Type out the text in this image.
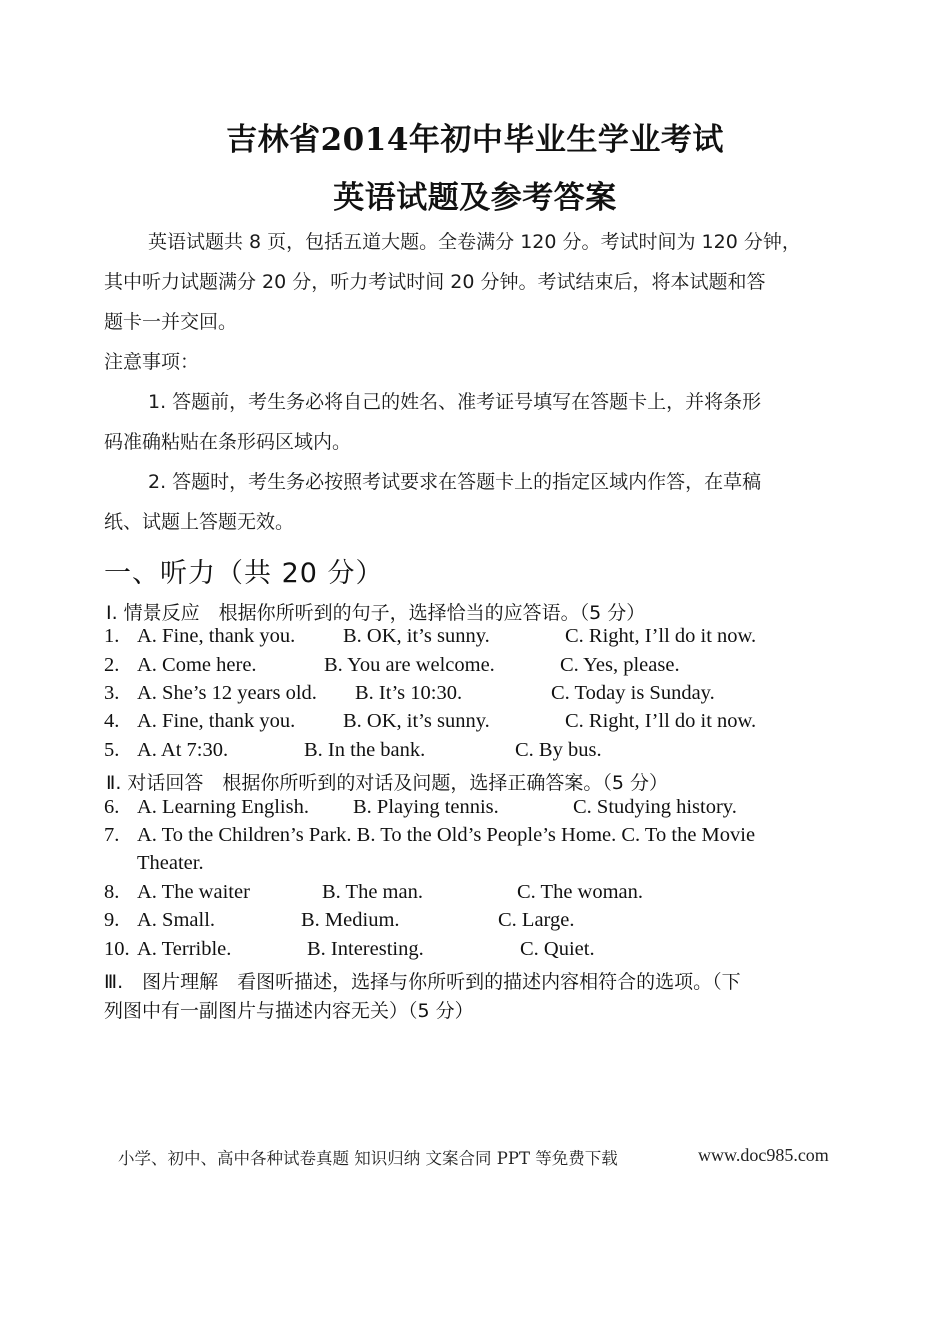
吉林省2014年初中毕业生学业考试
英语试题及参考答案
英语试题共 8 页，包括五道大题。全卷满分 120 分。考试时间为 120 分钟，
其中听力试题满分 20 分，听力考试时间 20 分钟。考试结束后，将本试题和答
题卡一并交回。
注意事项：
1. 答题前，考生务必将自己的姓名、准考证号填写在答题卡上，并将条形
码准确粘贴在条形码区域内。
2. 答题时，考生务必按照考试要求在答题卡上的指定区域内作答，在草稿
纸、试题上答题无效。
一、听力（共 20 分）
Ⅰ. 情景反应　根据你所听到的句子，选择恰当的应答语。（5 分）
1. A. Fine, thank you. B. OK, it’s sunny.	C. Right, I’ll do it now.
2. A. Come here.	B. You are welcome.	C. Yes, please.
3. A. She’s 12 years old. B. It’s 10:30.	C. Today is Sunday.
4. A. Fine, thank you. B. OK, it’s sunny.	C. Right, I’ll do it now.
5. A. At 7:30.	B. In the bank.	C. By bus.
Ⅱ. 对话回答　根据你所听到的对话及问题，选择正确答案。（5 分）
6. A. Learning English. B. Playing tennis.	C. Studying history.
7. A. To the Children’s Park. B. To the Old’s People’s Home. C. To the Movie
Theater.
8. A. The waiter	B. The man.	C. The woman.
9. A. Small.	B. Medium.	C. Large.
10. A. Terrible.	B. Interesting.	C. Quiet.
Ⅲ.　图片理解　看图听描述，选择与你所听到的描述内容相符合的选项。（下
列图中有一副图片与描述内容无关）（5 分）
小学、初中、高中各种试卷真题 知识归纳 文案合同 PPT 等免费下载	www.doc985.com
